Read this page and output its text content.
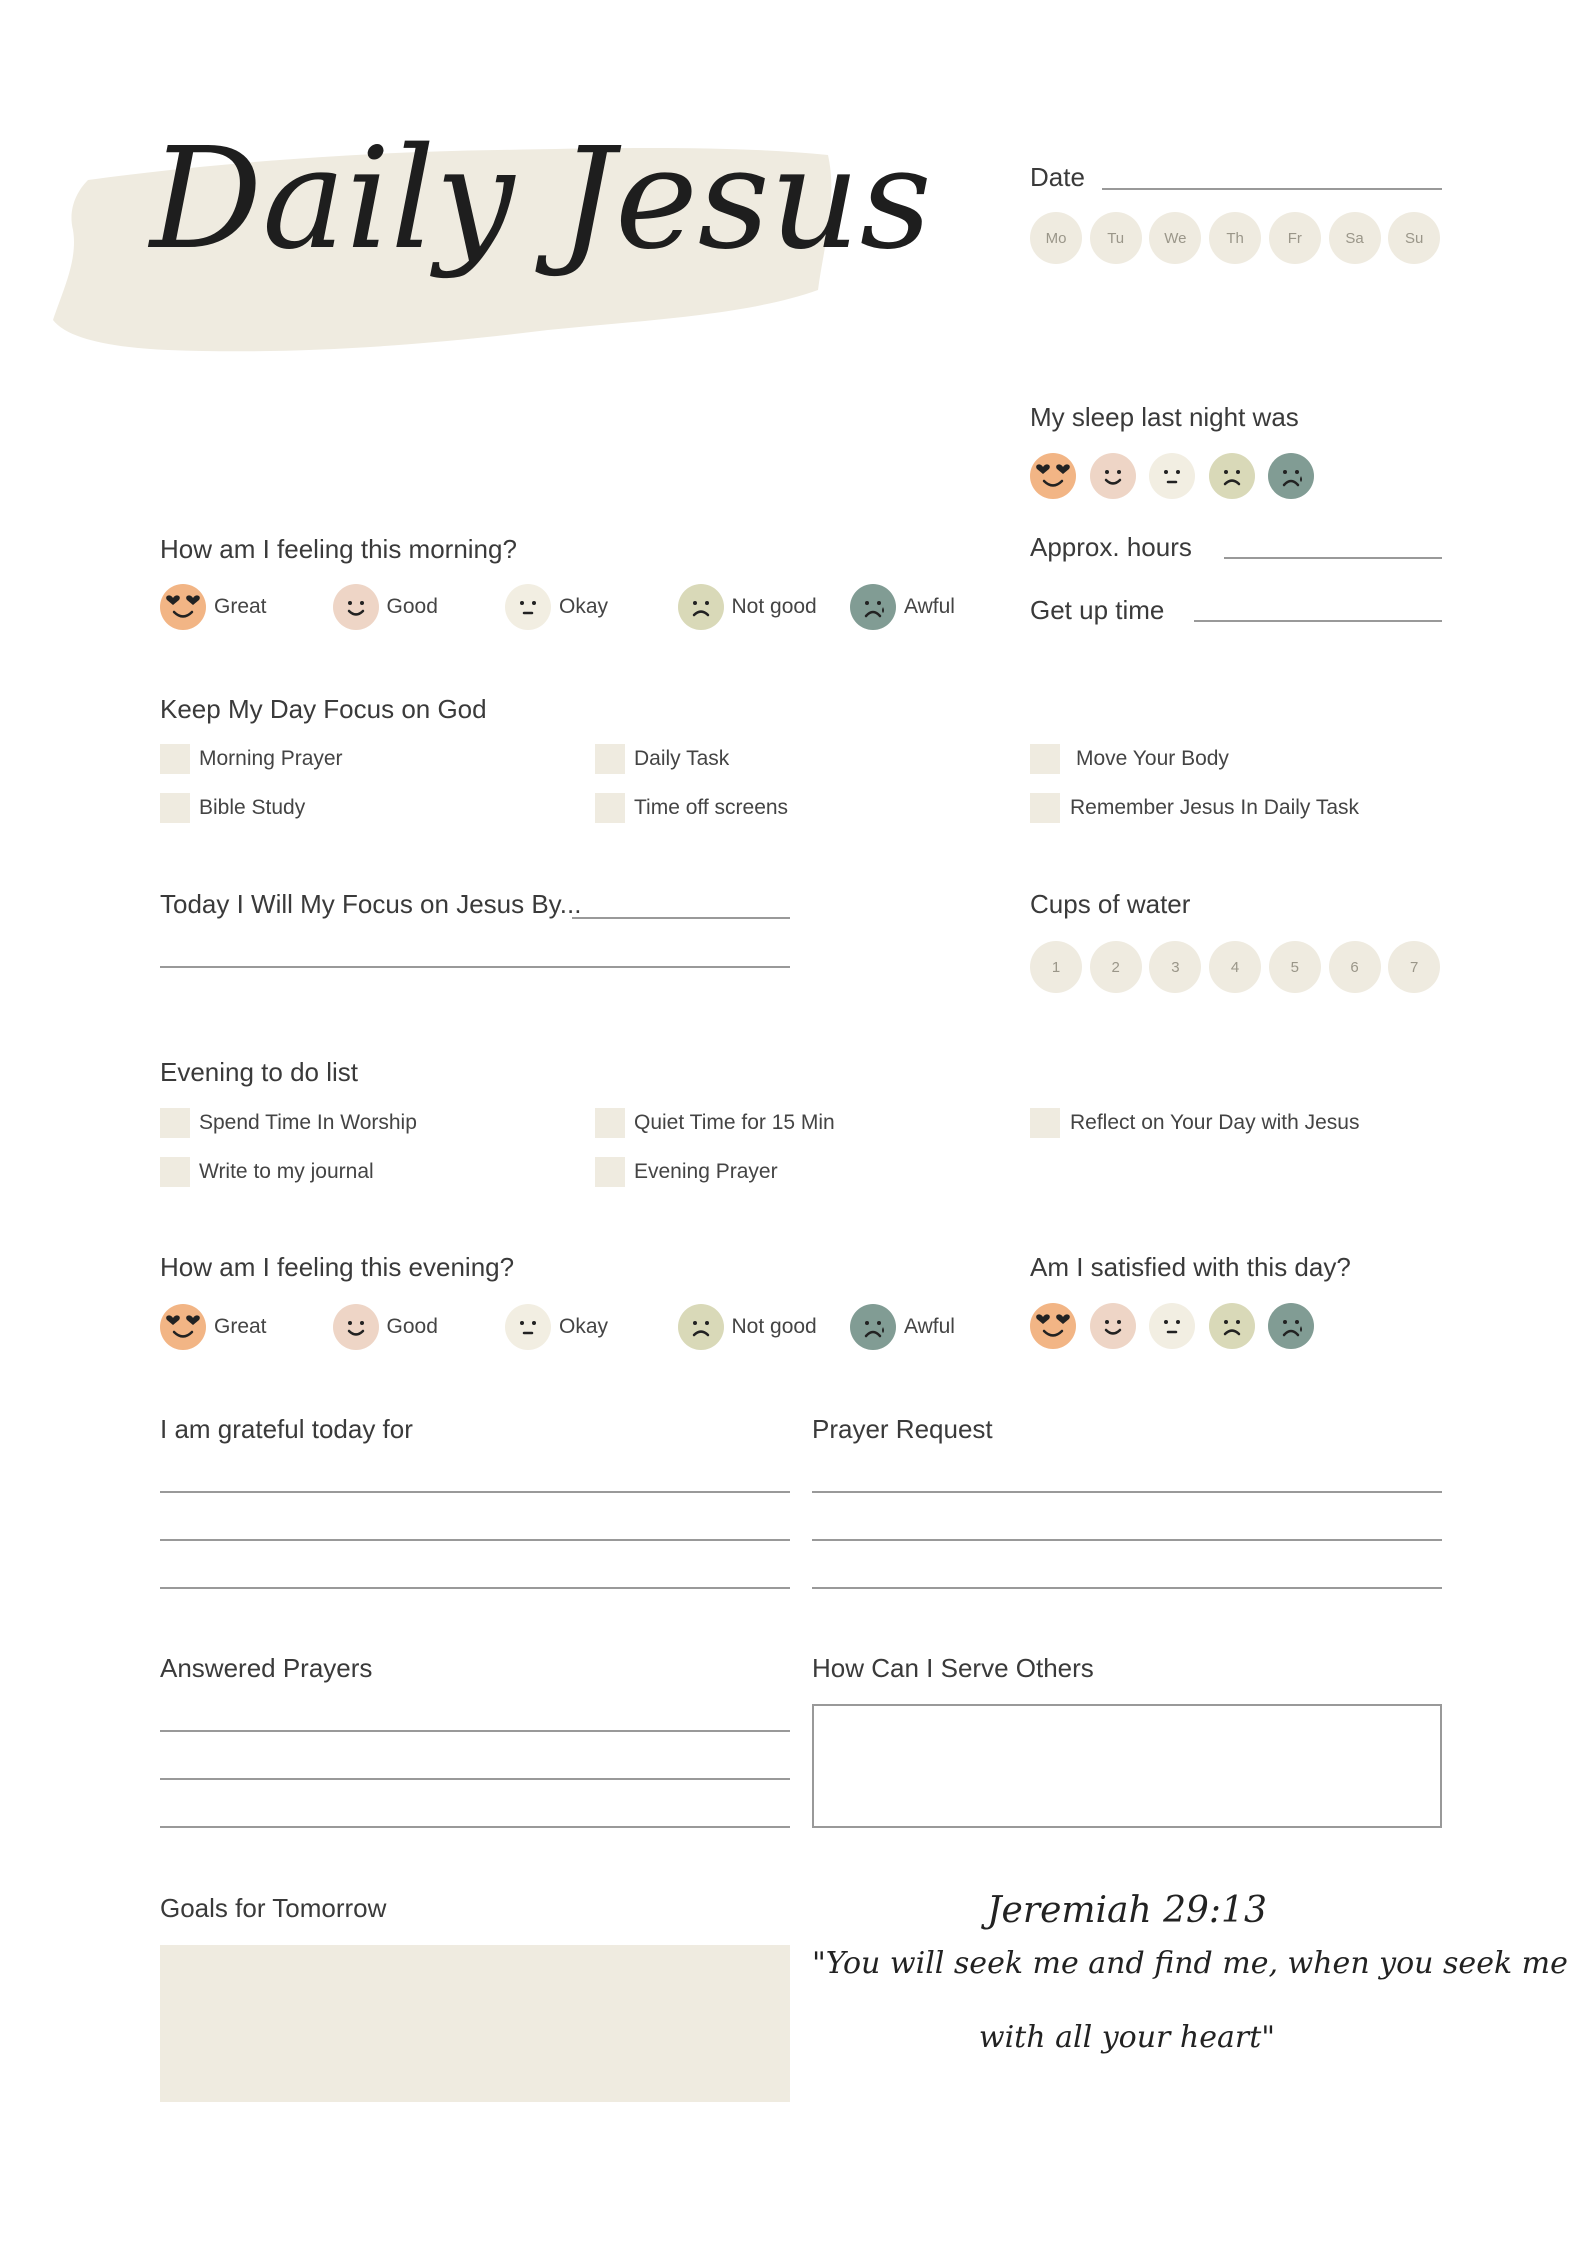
Daily Jesus	Date
Mo	Tu	We	Th	Fr	Sa	Su
My sleep last night was
Approx. hours
Get up time
How am I feeling this morning?
Great	Good	Okay	Not good	Awful
Keep My Day Focus on God
Morning Prayer	Daily Task	Move Your Body
Bible Study	Time off screens	Remember Jesus In Daily Task
Today I Will My Focus on Jesus By...	Cups of water
1	2	3	4	5	6	7
Evening to do list
Spend Time In Worship	Quiet Time for 15 Min	Reflect on Your Day with Jesus
Write to my journal	Evening Prayer
How am I feeling this evening?
Great	Good	Okay	Not good	Awful
Am I satisfied with this day?
I am grateful today for	Prayer Request
Answered Prayers	How Can I Serve Others
Goals for Tomorrow	Jeremiah 29:13
"You will seek me and find me, when you seek me
with all your heart"
